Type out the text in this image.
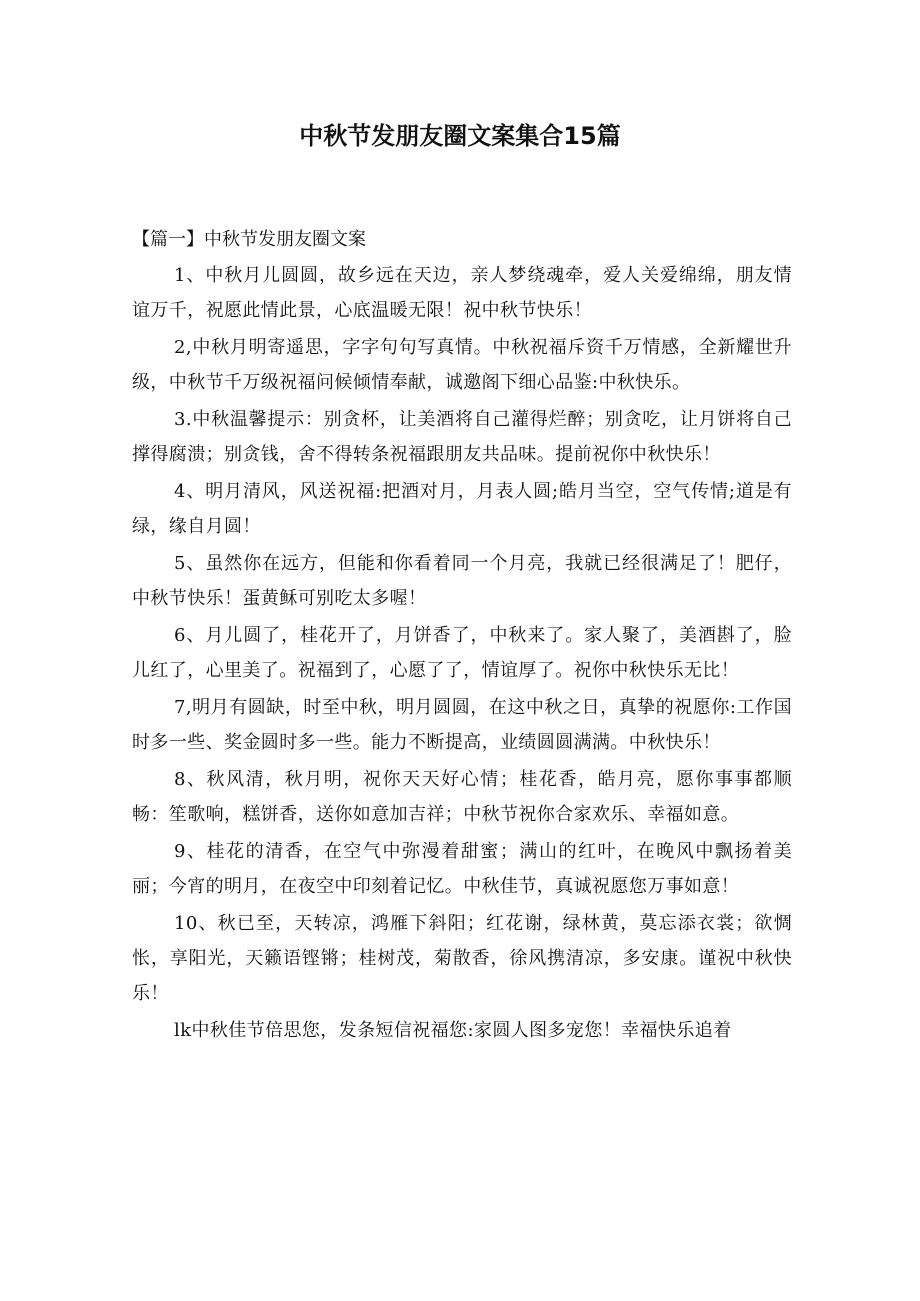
中秋节发朋友圈文案集合15篇
【篇一】中秋节发朋友圈文案

1、中秋月儿圆圆，故乡远在天边，亲人梦绕魂牵，爱人关爱绵绵，朋友情谊万千，祝愿此情此景，心底温暖无限！祝中秋节快乐！

2,中秋月明寄遥思，字字句句写真情。中秋祝福斥资千万情感，全新耀世升级，中秋节千万级祝福问候倾情奉献，诚邀阁下细心品鉴:中秋快乐。

3.中秋温馨提示：别贪杯，让美酒将自己灌得烂醉；别贪吃，让月饼将自己撑得腐溃；别贪钱，舍不得转条祝福跟朋友共品味。提前祝你中秋快乐！

4、明月清风，风送祝福:把酒对月，月表人圆;皓月当空，空气传情;道是有绿，缘自月圆！

5、虽然你在远方，但能和你看着同一个月亮，我就已经很满足了！肥仔，中秋节快乐！蛋黄稣可别吃太多喔！

6、月儿圆了，桂花开了，月饼香了，中秋来了。家人聚了，美酒斟了，脸儿红了，心里美了。祝福到了，心愿了了，情谊厚了。祝你中秋快乐无比！

7,明月有圆缺，时至中秋，明月圆圆，在这中秋之日，真挚的祝愿你:工作国时多一些、奖金圆时多一些。能力不断提高，业绩圆圆满满。中秋快乐！

8、秋风清，秋月明，祝你天天好心情；桂花香，皓月亮，愿你事事都顺畅：笙歌响，糕饼香，送你如意加吉祥；中秋节祝你合家欢乐、幸福如意。

9、桂花的清香，在空气中弥漫着甜蜜；满山的红叶，在晚风中飘扬着美丽；今宵的明月，在夜空中印刻着记忆。中秋佳节，真诚祝愿您万事如意！

10、秋已至，天转凉，鸿雁下斜阳；红花谢，绿林黄，莫忘添衣裳；欲惆怅，享阳光，天籁语铿锵；桂树茂，菊散香，徐风携清凉，多安康。谨祝中秋快乐！

lk中秋佳节倍思您，发条短信祝福您:家圆人图多宠您！幸福快乐追着
